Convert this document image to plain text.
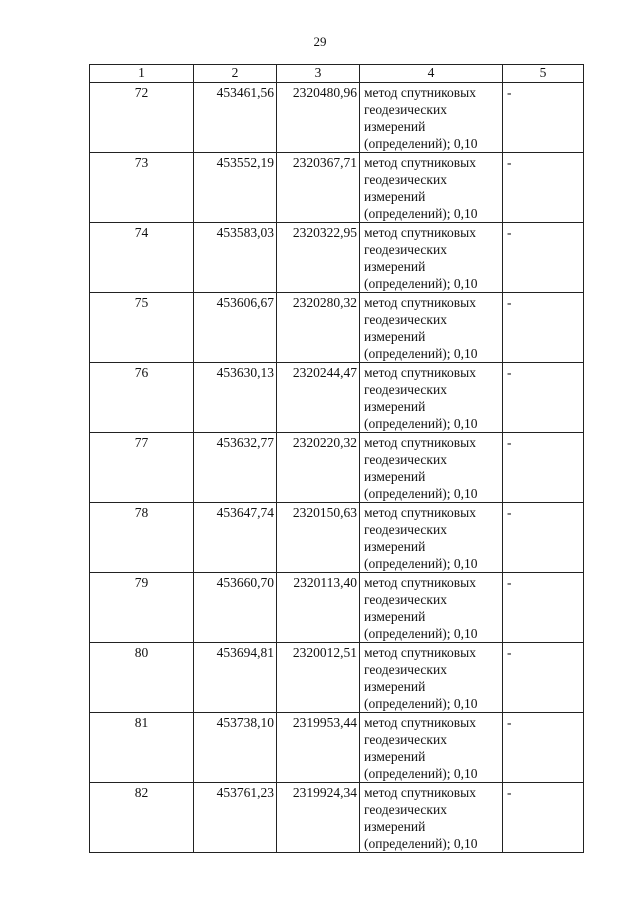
29
1	2	3	4	5
72	453461,56	2320480,96	метод спутниковых
геодезических
измерений
(определений); 0,10	-
73	453552,19	2320367,71	метод спутниковых
геодезических
измерений
(определений); 0,10	-
74	453583,03	2320322,95	метод спутниковых
геодезических
измерений
(определений); 0,10	-
75	453606,67	2320280,32	метод спутниковых
геодезических
измерений
(определений); 0,10	-
76	453630,13	2320244,47	метод спутниковых
геодезических
измерений
(определений); 0,10	-
77	453632,77	2320220,32	метод спутниковых
геодезических
измерений
(определений); 0,10	-
78	453647,74	2320150,63	метод спутниковых
геодезических
измерений
(определений); 0,10	-
79	453660,70	2320113,40	метод спутниковых
геодезических
измерений
(определений); 0,10	-
80	453694,81	2320012,51	метод спутниковых
геодезических
измерений
(определений); 0,10	-
81	453738,10	2319953,44	метод спутниковых
геодезических
измерений
(определений); 0,10	-
82	453761,23	2319924,34	метод спутниковых
геодезических
измерений
(определений); 0,10	-
